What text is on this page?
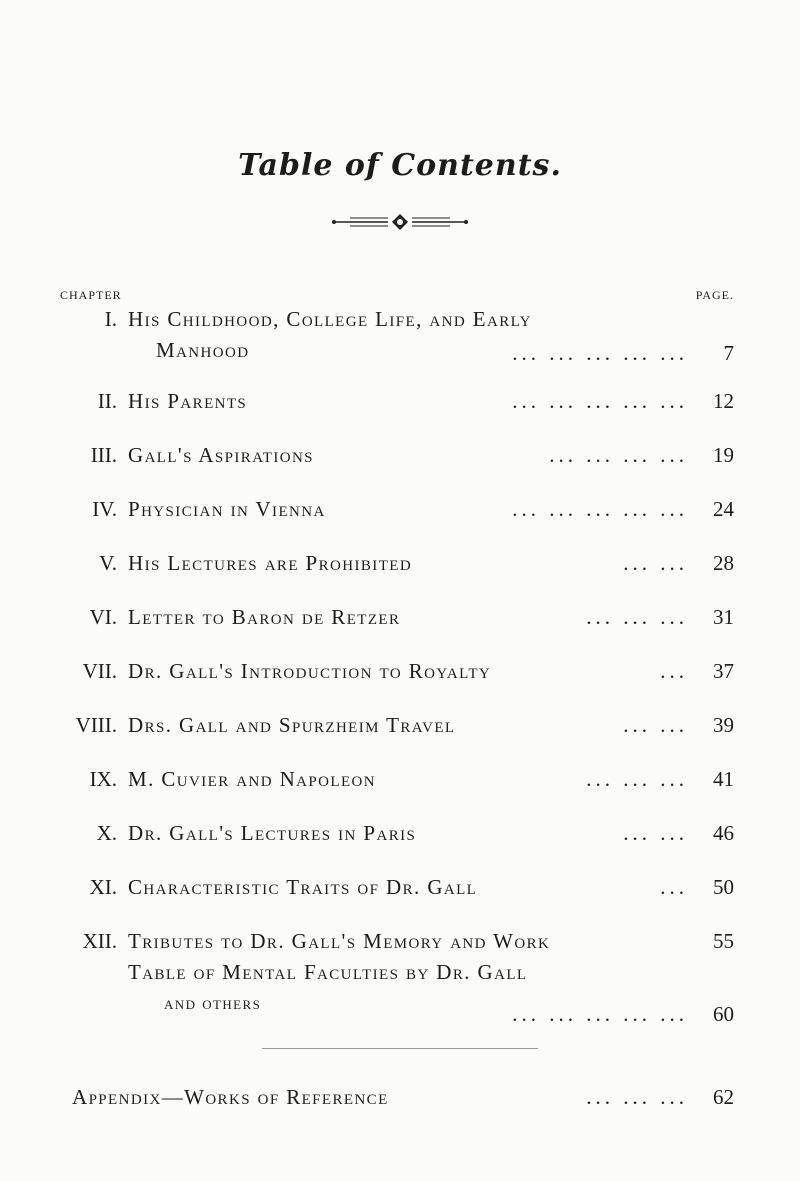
Table of Contents.
CHAPTER	PAGE.
I. His Childhood, College Life, and Early
Manhood	... ... ... ... ...	7
II. His Parents	... ... ... ... ...	12
III. Gall's Aspirations	... ... ... ...	19
IV. Physician in Vienna	... ... ... ... ...	24
V. His Lectures are Prohibited	... ...	28
VI. Letter to Baron de Retzer	... ... ...	31
VII. Dr. Gall's Introduction to Royalty	...	37
VIII. Drs. Gall and Spurzheim Travel	... ...	39
IX. M. Cuvier and Napoleon	... ... ...	41
X. Dr. Gall's Lectures in Paris	... ...	46
XI. Characteristic Traits of Dr. Gall	...	50
XII. Tributes to Dr. Gall's Memory and Work	55
Table of Mental Faculties by Dr. Gall
and others	... ... ... ... ... 60
Appendix—Works of Reference	... ... ... 62
